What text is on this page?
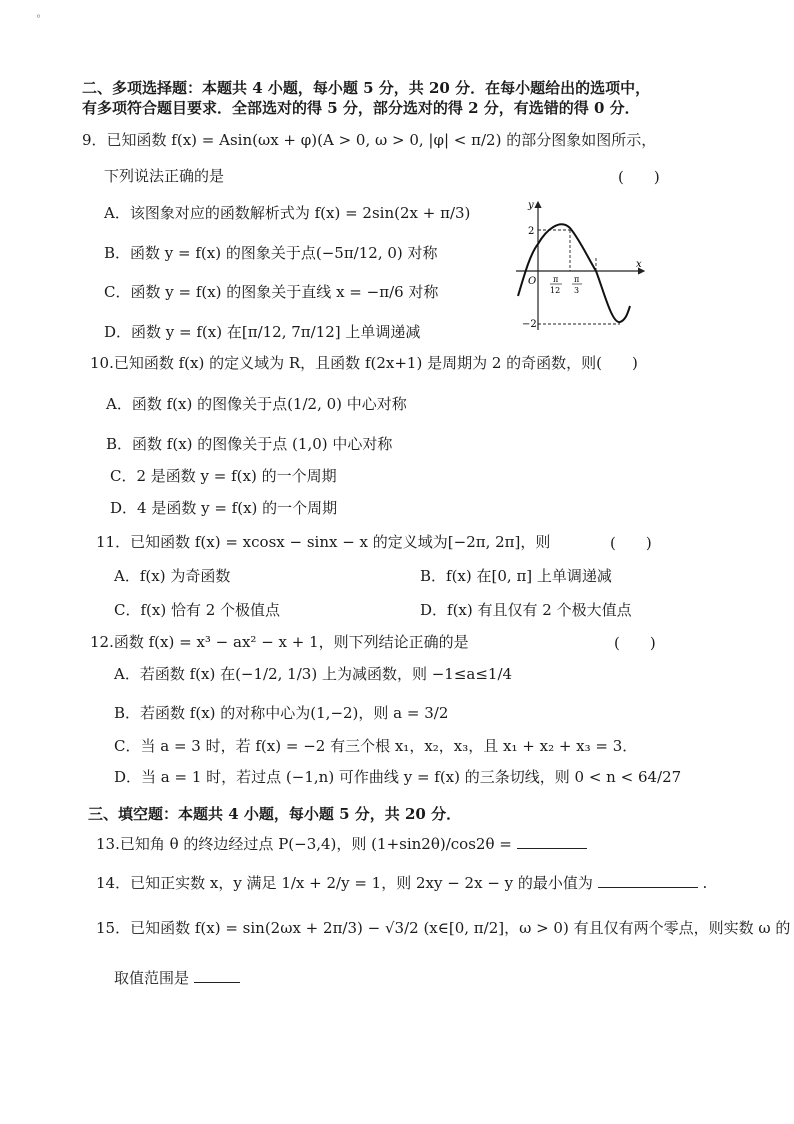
°
二、多项选择题：本题共 4 小题，每小题 5 分，共 20 分．在每小题给出的选项中，
有多项符合题目要求．全部选对的得 5 分，部分选对的得 2 分，有选错的得 0 分．
9．已知函数 f(x) = Asin(ωx + φ)(A > 0, ω > 0, |φ| < π/2) 的部分图象如图所示，
下列说法正确的是	(　　)
A．该图象对应的函数解析式为 f(x) = 2sin(2x + π/3)
B．函数 y = f(x) 的图象关于点(−5π/12, 0) 对称
C．函数 y = f(x) 的图象关于直线 x = −π/6 对称
D．函数 y = f(x) 在[π/12, 7π/12] 上单调递减
y
x
O
2
−2
π
12
π
3
10.已知函数 f(x) 的定义域为 R，且函数 f(2x+1) 是周期为 2 的奇函数，则(　　)
A．函数 f(x) 的图像关于点(1/2, 0) 中心对称
B．函数 f(x) 的图像关于点 (1,0) 中心对称
C．2 是函数 y = f(x) 的一个周期
D．4 是函数 y = f(x) 的一个周期
11．已知函数 f(x) = xcosx − sinx − x 的定义域为[−2π, 2π]，则	(　　)
A．f(x) 为奇函数	B．f(x) 在[0, π] 上单调递减
C．f(x) 恰有 2 个极值点	D．f(x) 有且仅有 2 个极大值点
12.函数 f(x) = x³ − ax² − x + 1，则下列结论正确的是	(　　)
A．若函数 f(x) 在(−1/2, 1/3) 上为减函数，则 −1≤a≤1/4
B．若函数 f(x) 的对称中心为(1,−2)，则 a = 3/2
C．当 a = 3 时，若 f(x) = −2 有三个根 x₁，x₂，x₃，且 x₁ + x₂ + x₃ = 3．
D．当 a = 1 时，若过点 (−1,n) 可作曲线 y = f(x) 的三条切线，则 0 < n < 64/27
三、填空题：本题共 4 小题，每小题 5 分，共 20 分．
13.已知角 θ 的终边经过点 P(−3,4)，则 (1+sin2θ)/cos2θ =
14．已知正实数 x，y 满足 1/x + 2/y = 1，则 2xy − 2x − y 的最小值为	.
15．已知函数 f(x) = sin(2ωx + 2π/3) − √3/2 (x∈[0, π/2]，ω > 0) 有且仅有两个零点，则实数 ω 的
取值范围是
